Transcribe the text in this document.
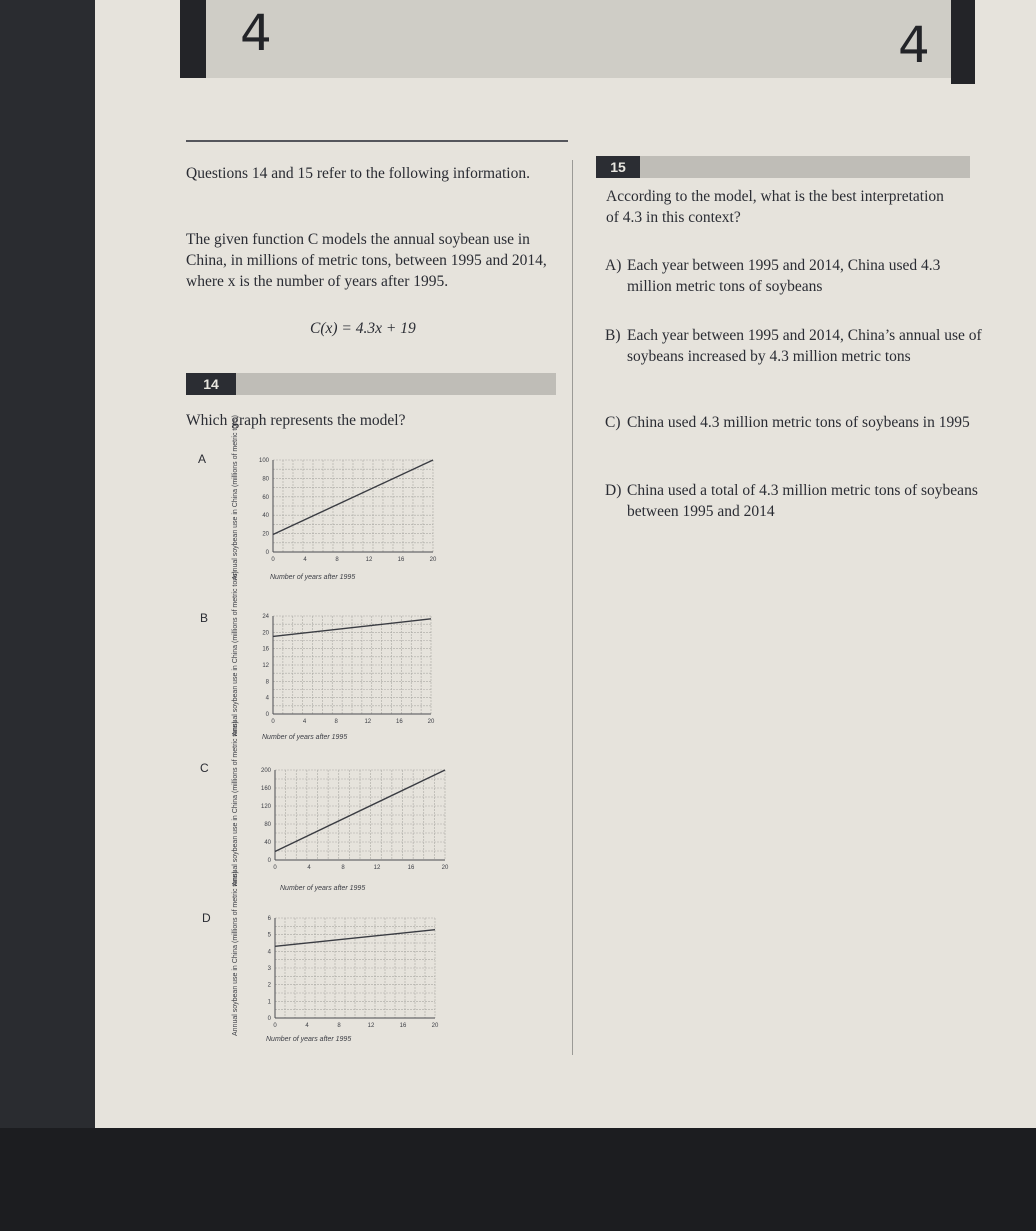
4	4
Questions 14 and 15 refer to the following information.
The given function C models the annual soybean use in China, in millions of metric tons, between 1995 and 2014, where x is the number of years after 1995.
C(x) = 4.3x + 19
14
Which graph represents the model?
A	Annual soybean use in China (millions of metric tons)	0
20
40
60
80
100
0	4	8	12	16	20
Number of years after 1995
B	Annual soybean use in China (millions of metric tons)	0
4
8
12
16
20
24
0	4	8	12	16	20
Number of years after 1995
C	Annual soybean use in China (millions of metric tons)	0
40
80
120
160
200
0	4	8	12	16	20
Number of years after 1995
D	Annual soybean use in China (millions of metric tons)	0
1
2
3
4
5
6
0	4	8	12	16	20
Number of years after 1995
15
According to the model, what is the best interpretation of 4.3 in this context?
A) Each year between 1995 and 2014, China used 4.3 million metric tons of soybeans
B) Each year between 1995 and 2014, China’s annual use of soybeans increased by 4.3 million metric tons
C) China used 4.3 million metric tons of soybeans in 1995
D) China used a total of 4.3 million metric tons of soybeans between 1995 and 2014
